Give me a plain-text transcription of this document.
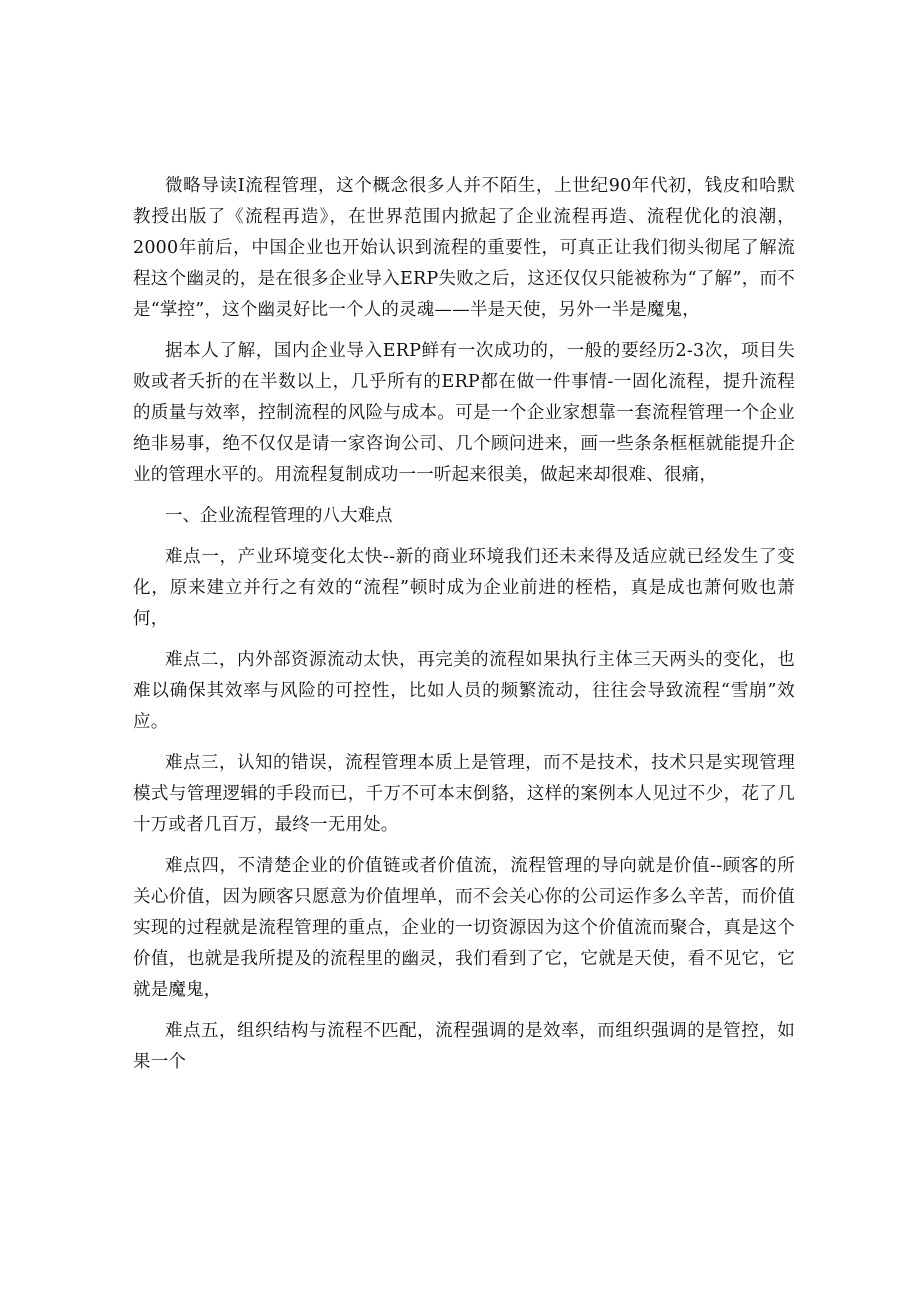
微略导读I流程管理，这个概念很多人并不陌生，上世纪90年代初，钱皮和哈默教授出版了《流程再造》，在世界范围内掀起了企业流程再造、流程优化的浪潮，2000年前后，中国企业也开始认识到流程的重要性，可真正让我们彻头彻尾了解流程这个幽灵的，是在很多企业导入ERP失败之后，这还仅仅只能被称为“了解”，而不是“掌控”，这个幽灵好比一个人的灵魂——半是天使，另外一半是魔鬼，

据本人了解，国内企业导入ERP鲜有一次成功的，一般的要经历2-3次，项目失败或者夭折的在半数以上，几乎所有的ERP都在做一件事情-一固化流程，提升流程的质量与效率，控制流程的风险与成本。可是一个企业家想靠一套流程管理一个企业绝非易事，绝不仅仅是请一家咨询公司、几个顾问进来，画一些条条框框就能提升企业的管理水平的。用流程复制成功一一听起来很美，做起来却很难、很痛，

一、企业流程管理的八大难点

难点一，产业环境变化太快--新的商业环境我们还未来得及适应就已经发生了变化，原来建立并行之有效的“流程”顿时成为企业前进的桎梏，真是成也萧何败也萧何，

难点二，内外部资源流动太快，再完美的流程如果执行主体三天两头的变化，也难以确保其效率与风险的可控性，比如人员的频繁流动，往往会导致流程“雪崩”效应。

难点三，认知的错误，流程管理本质上是管理，而不是技术，技术只是实现管理模式与管理逻辑的手段而已，千万不可本末倒貉，这样的案例本人见过不少，花了几十万或者几百万，最终一无用处。

难点四，不清楚企业的价值链或者价值流，流程管理的导向就是价值--顾客的所关心价值，因为顾客只愿意为价值埋单，而不会关心你的公司运作多么辛苦，而价值实现的过程就是流程管理的重点，企业的一切资源因为这个价值流而聚合，真是这个价值，也就是我所提及的流程里的幽灵，我们看到了它，它就是天使，看不见它，它就是魔鬼，

难点五，组织结构与流程不匹配，流程强调的是效率，而组织强调的是管控，如果一个
